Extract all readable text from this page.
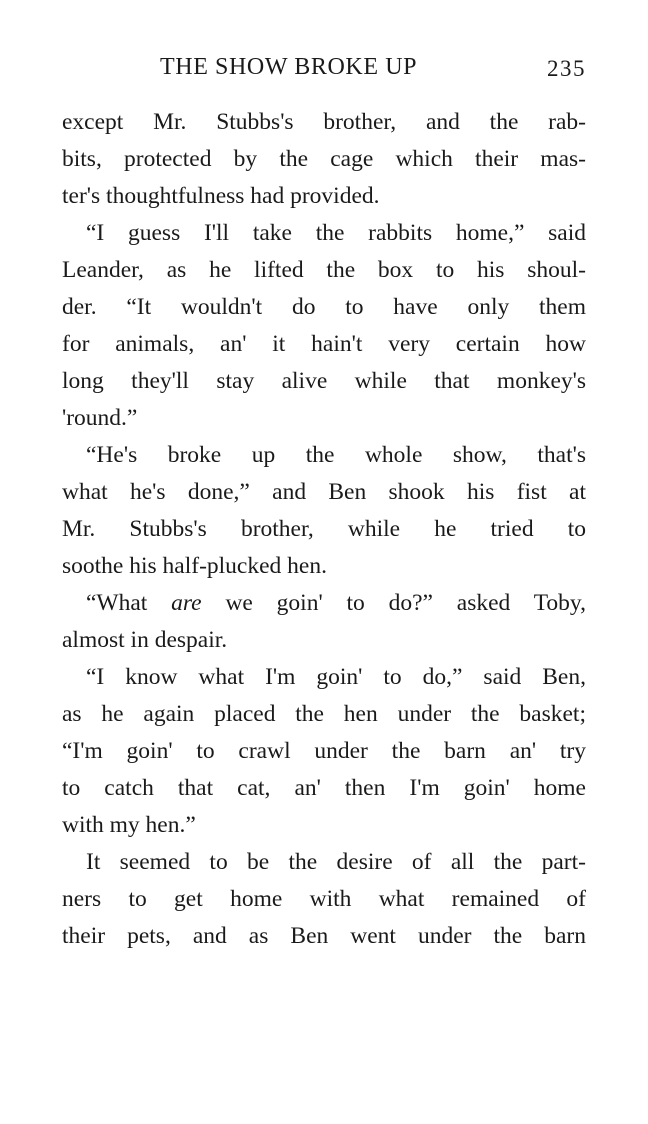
THE SHOW BROKE UP	235
except Mr. Stubbs's brother, and the rab-
bits, protected by the cage which their mas-
ter's thoughtfulness had provided.
“I guess I'll take the rabbits home,” said
Leander, as he lifted the box to his shoul-
der. “It wouldn't do to have only them
for animals, an' it hain't very certain how
long they'll stay alive while that monkey's
'round.”
“He's broke up the whole show, that's
what he's done,” and Ben shook his fist at
Mr. Stubbs's brother, while he tried to
soothe his half-plucked hen.
“What are we goin' to do?” asked Toby,
almost in despair.
“I know what I'm goin' to do,” said Ben,
as he again placed the hen under the basket;
“I'm goin' to crawl under the barn an' try
to catch that cat, an' then I'm goin' home
with my hen.”
It seemed to be the desire of all the part-
ners to get home with what remained of
their pets, and as Ben went under the barn
